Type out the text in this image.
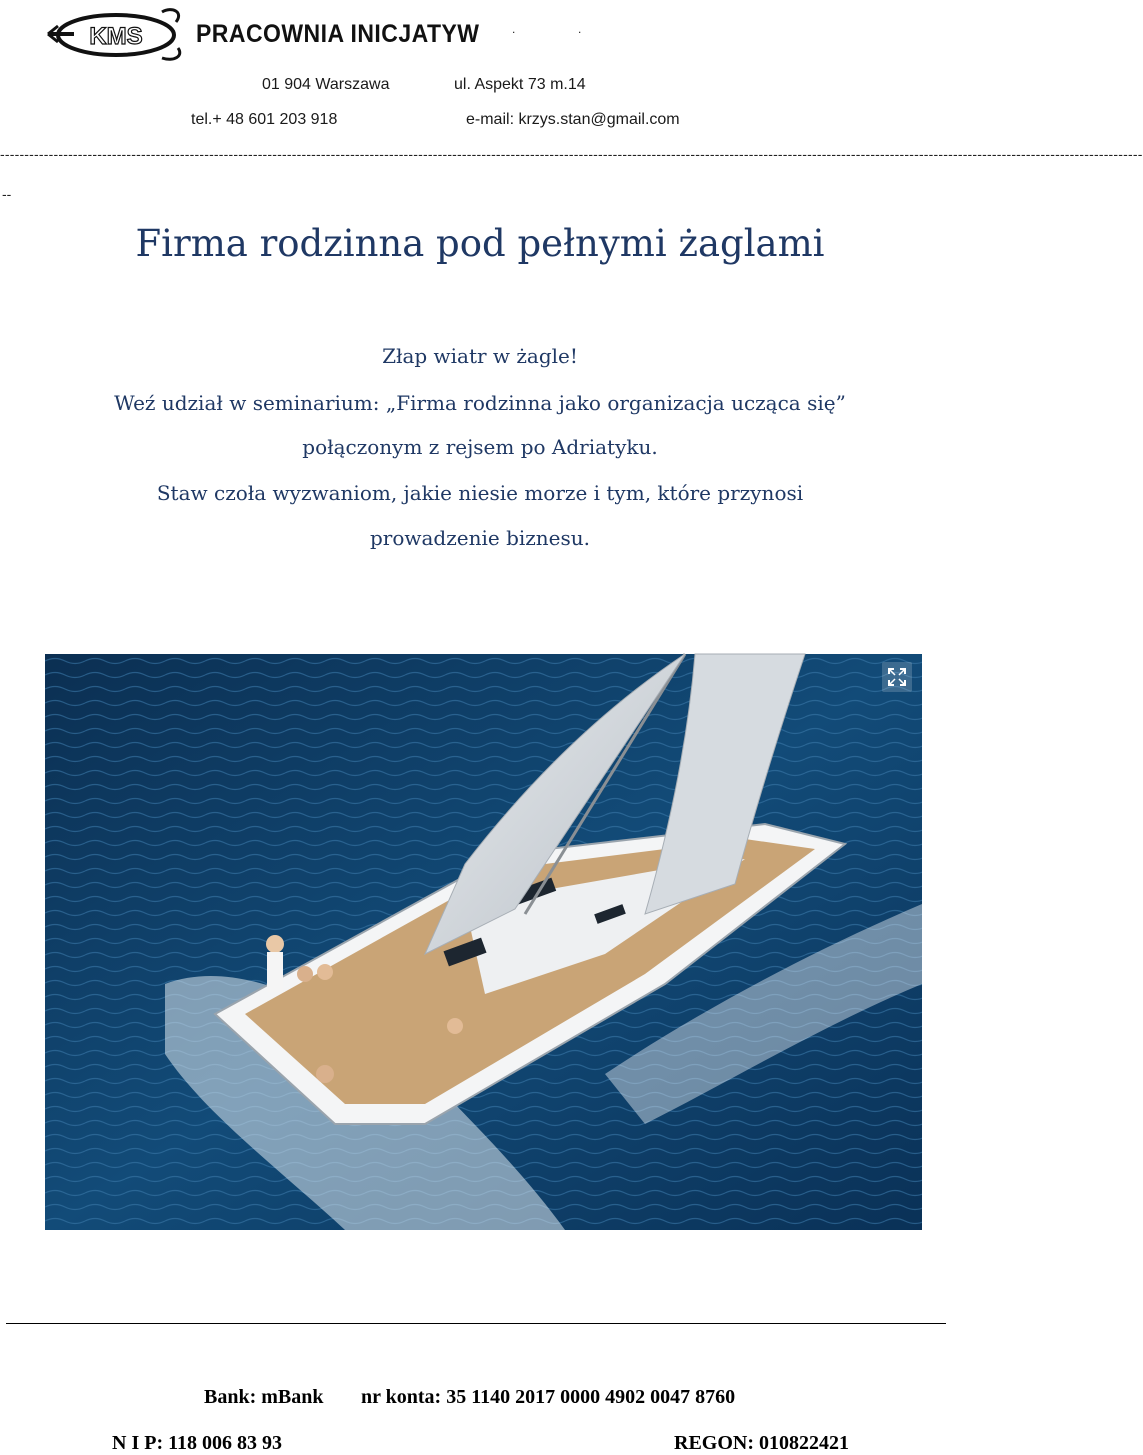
KMS PRACOWNIA INICJATYW	.	.
01 904 Warszawa	ul. Aspekt 73 m.14
tel.+ 48 601 203 918	e-mail: krzys.stan@gmail.com
-------------------------------------------------------------------------------------------------------------------------------------------------------------------------------------------------------------------------------------------
--
Firma rodzinna pod pełnymi żaglami
Złap wiatr w żagle!
Weź udział w seminarium: „Firma rodzinna jako organizacja ucząca się”
połączonym z rejsem po Adriatyku.
Staw czoła wyzwaniom, jakie niesie morze i tym, które przynosi
prowadzenie biznesu.
Bank: mBank nr konta: 35 1140 2017 0000 4902 0047 8760
N I P: 118 006 83 93	REGON: 010822421
